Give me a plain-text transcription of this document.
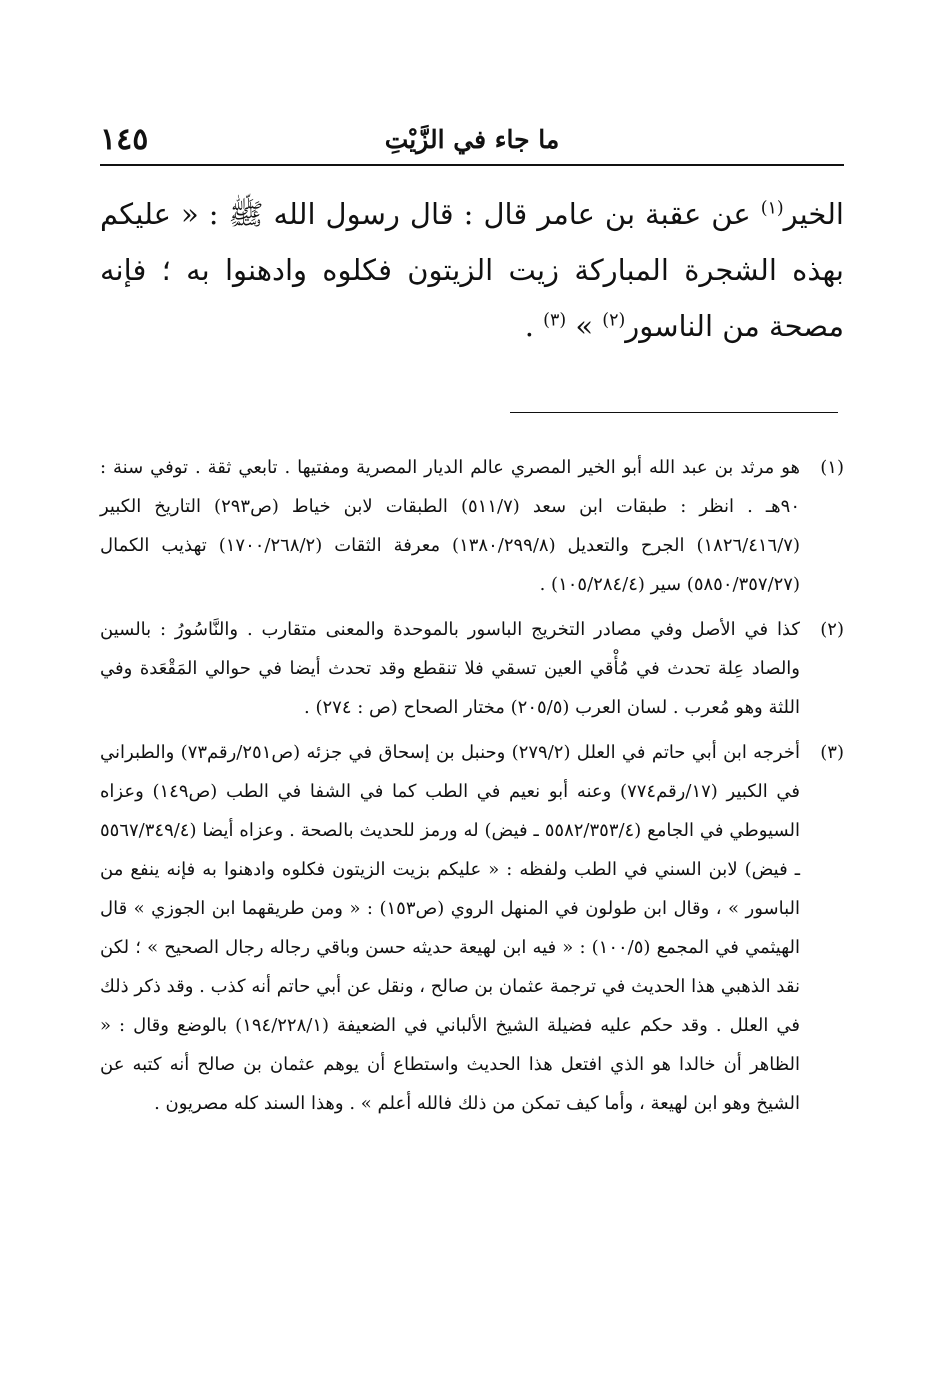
١٤٥	ما جاء في الزَّيْتِ
الخير$^{(١)}$ عن عقبة بن عامر قال : قال رسول الله ﷺ : « عليكم بهذه الشجرة المباركة زيت الزيتون فكلوه وادهنوا به ؛ فإنه مصحة من الناسور$^{(٢)}$ » $^{(٣)}$ .
(١)
هو مرثد بن عبد الله أبو الخير المصري عالم الديار المصرية ومفتيها . تابعي ثقة . توفي سنة : ٩٠هـ . انظر : طبقات ابن سعد (٥١١/٧) الطبقات لابن خياط (ص٢٩٣) التاريخ الكبير (١٨٢٦/٤١٦/٧) الجرح والتعديل (١٣٨٠/٢٩٩/٨) معرفة الثقات (١٧٠٠/٢٦٨/٢) تهذيب الكمال (٥٨٥٠/٣٥٧/٢٧) سير (١٠٥/٢٨٤/٤) .
(٢)
كذا في الأصل وفي مصادر التخريج الباسور بالموحدة والمعنى متقارب . والنَّاسُورُ : بالسين والصاد عِلة تحدث في مُأْقي العين تسقي فلا تنقطع وقد تحدث أيضا في حوالي المَقْعَدة وفي اللثة وهو مُعرب . لسان العرب (٢٠٥/٥) مختار الصحاح (ص : ٢٧٤) .
(٣)
أخرجه ابن أبي حاتم في العلل (٢٧٩/٢) وحنبل بن إسحاق في جزئه (ص٢٥١/رقم٧٣) والطبراني في الكبير (١٧/رقم٧٧٤) وعنه أبو نعيم في الطب كما في الشفا في الطب (ص١٤٩) وعزاه السيوطي في الجامع (٥٥٨٢/٣٥٣/٤ ـ فيض) له ورمز للحديث بالصحة . وعزاه أيضا (٥٥٦٧/٣٤٩/٤ ـ فيض) لابن السني في الطب ولفظه : « عليكم بزيت الزيتون فكلوه وادهنوا به فإنه ينفع من الباسور » ، وقال ابن طولون في المنهل الروي (ص١٥٣) : « ومن طريقهما ابن الجوزي » قال الهيثمي في المجمع (١٠٠/٥) : « فيه ابن لهيعة حديثه حسن وباقي رجاله رجال الصحيح » ؛ لكن نقد الذهبي هذا الحديث في ترجمة عثمان بن صالح ، ونقل عن أبي حاتم أنه كذب . وقد ذكر ذلك في العلل . وقد حكم عليه فضيلة الشيخ الألباني في الضعيفة (١٩٤/٢٢٨/١) بالوضع وقال : « الظاهر أن خالدا هو الذي افتعل هذا الحديث واستطاع أن يوهم عثمان بن صالح أنه كتبه عن الشيخ وهو ابن لهيعة ، وأما كيف تمكن من ذلك فالله أعلم » . وهذا السند كله مصريون .
